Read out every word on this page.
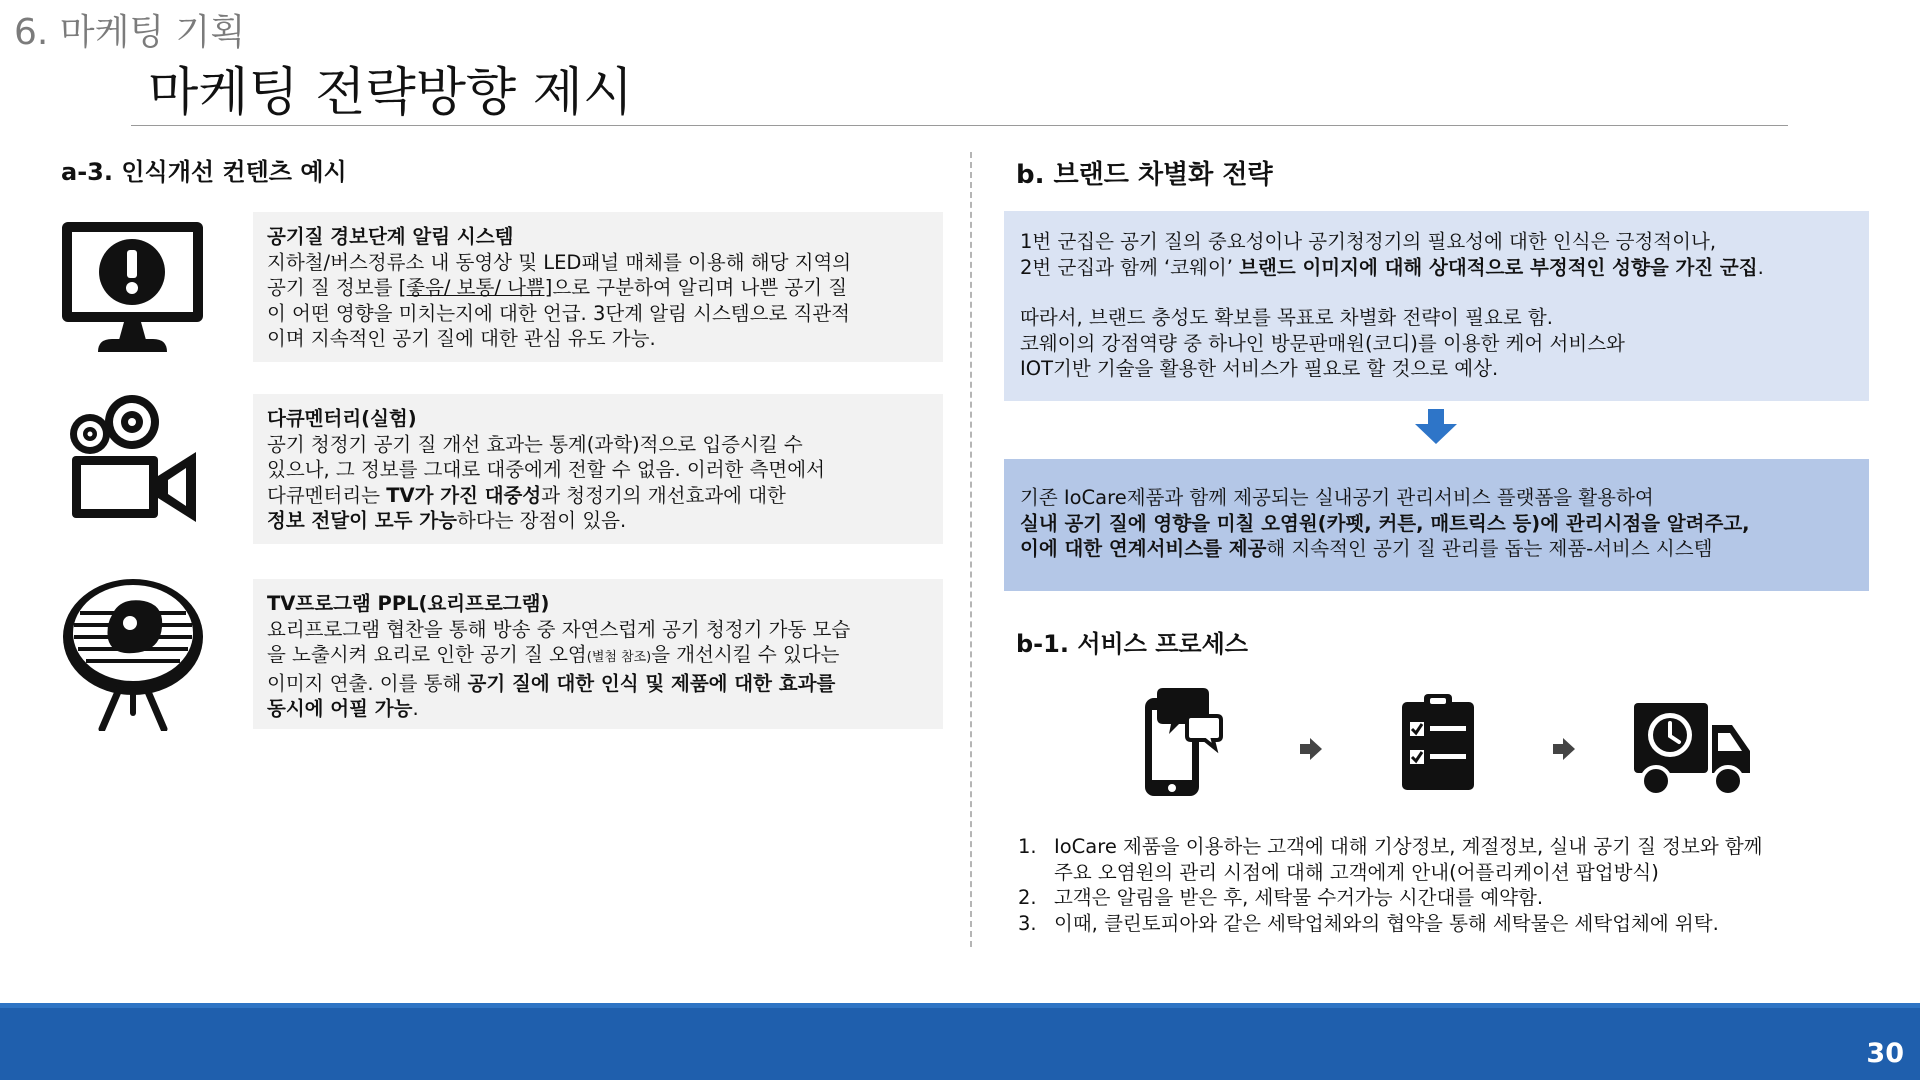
6. 마케팅 기획
마케팅 전략방향 제시
a-3. 인식개선 컨텐츠 예시

공기질 경보단계 알림 시스템

지하철/버스정류소 내 동영상 및 LED패널 매체를 이용해 해당 지역의

공기 질 정보를 [좋음/ 보통/ 나쁨]으로 구분하여 알리며 나쁜 공기 질

이 어떤 영향을 미치는지에 대한 언급. 3단계 알림 시스템으로 직관적

이며 지속적인 공기 질에 대한 관심 유도 가능.

다큐멘터리(실험)

공기 청정기 공기 질 개선 효과는 통계(과학)적으로 입증시킬 수

있으나, 그 정보를 그대로 대중에게 전할 수 없음. 이러한 측면에서

다큐멘터리는 TV가 가진 대중성과 청정기의 개선효과에 대한

정보 전달이 모두 가능하다는 장점이 있음.

TV프로그램 PPL(요리프로그램)

요리프로그램 협찬을 통해 방송 중 자연스럽게 공기 청정기 가동 모습

을 노출시켜 요리로 인한 공기 질 오염(별첨 참조)을 개선시킬 수 있다는

이미지 연출. 이를 통해 공기 질에 대한 인식 및 제품에 대한 효과를

동시에 어필 가능.

b. 브랜드 차별화 전략

1번 군집은 공기 질의 중요성이나 공기청정기의 필요성에 대한 인식은 긍정적이나,

2번 군집과 함께 ‘코웨이’ 브랜드 이미지에 대해 상대적으로 부정적인 성향을 가진 군집.

따라서, 브랜드 충성도 확보를 목표로 차별화 전략이 필요로 함.

코웨이의 강점역량 중 하나인 방문판매원(코디)를 이용한 케어 서비스와

IOT기반 기술을 활용한 서비스가 필요로 할 것으로 예상.

기존 IoCare제품과 함께 제공되는 실내공기 관리서비스 플랫폼을 활용하여

실내 공기 질에 영향을 미칠 오염원(카펫, 커튼, 매트릭스 등)에 관리시점을 알려주고,

이에 대한 연계서비스를 제공해 지속적인 공기 질 관리를 돕는 제품-서비스 시스템

b-1. 서비스 프로세스
1. IoCare 제품을 이용하는 고객에 대해 기상정보, 계절정보, 실내 공기 질 정보와 함께
주요 오염원의 관리 시점에 대해 고객에게 안내(어플리케이션 팝업방식)
2. 고객은 알림을 받은 후, 세탁물 수거가능 시간대를 예약함.
3. 이때, 클린토피아와 같은 세탁업체와의 협약을 통해 세탁물은 세탁업체에 위탁.
30
